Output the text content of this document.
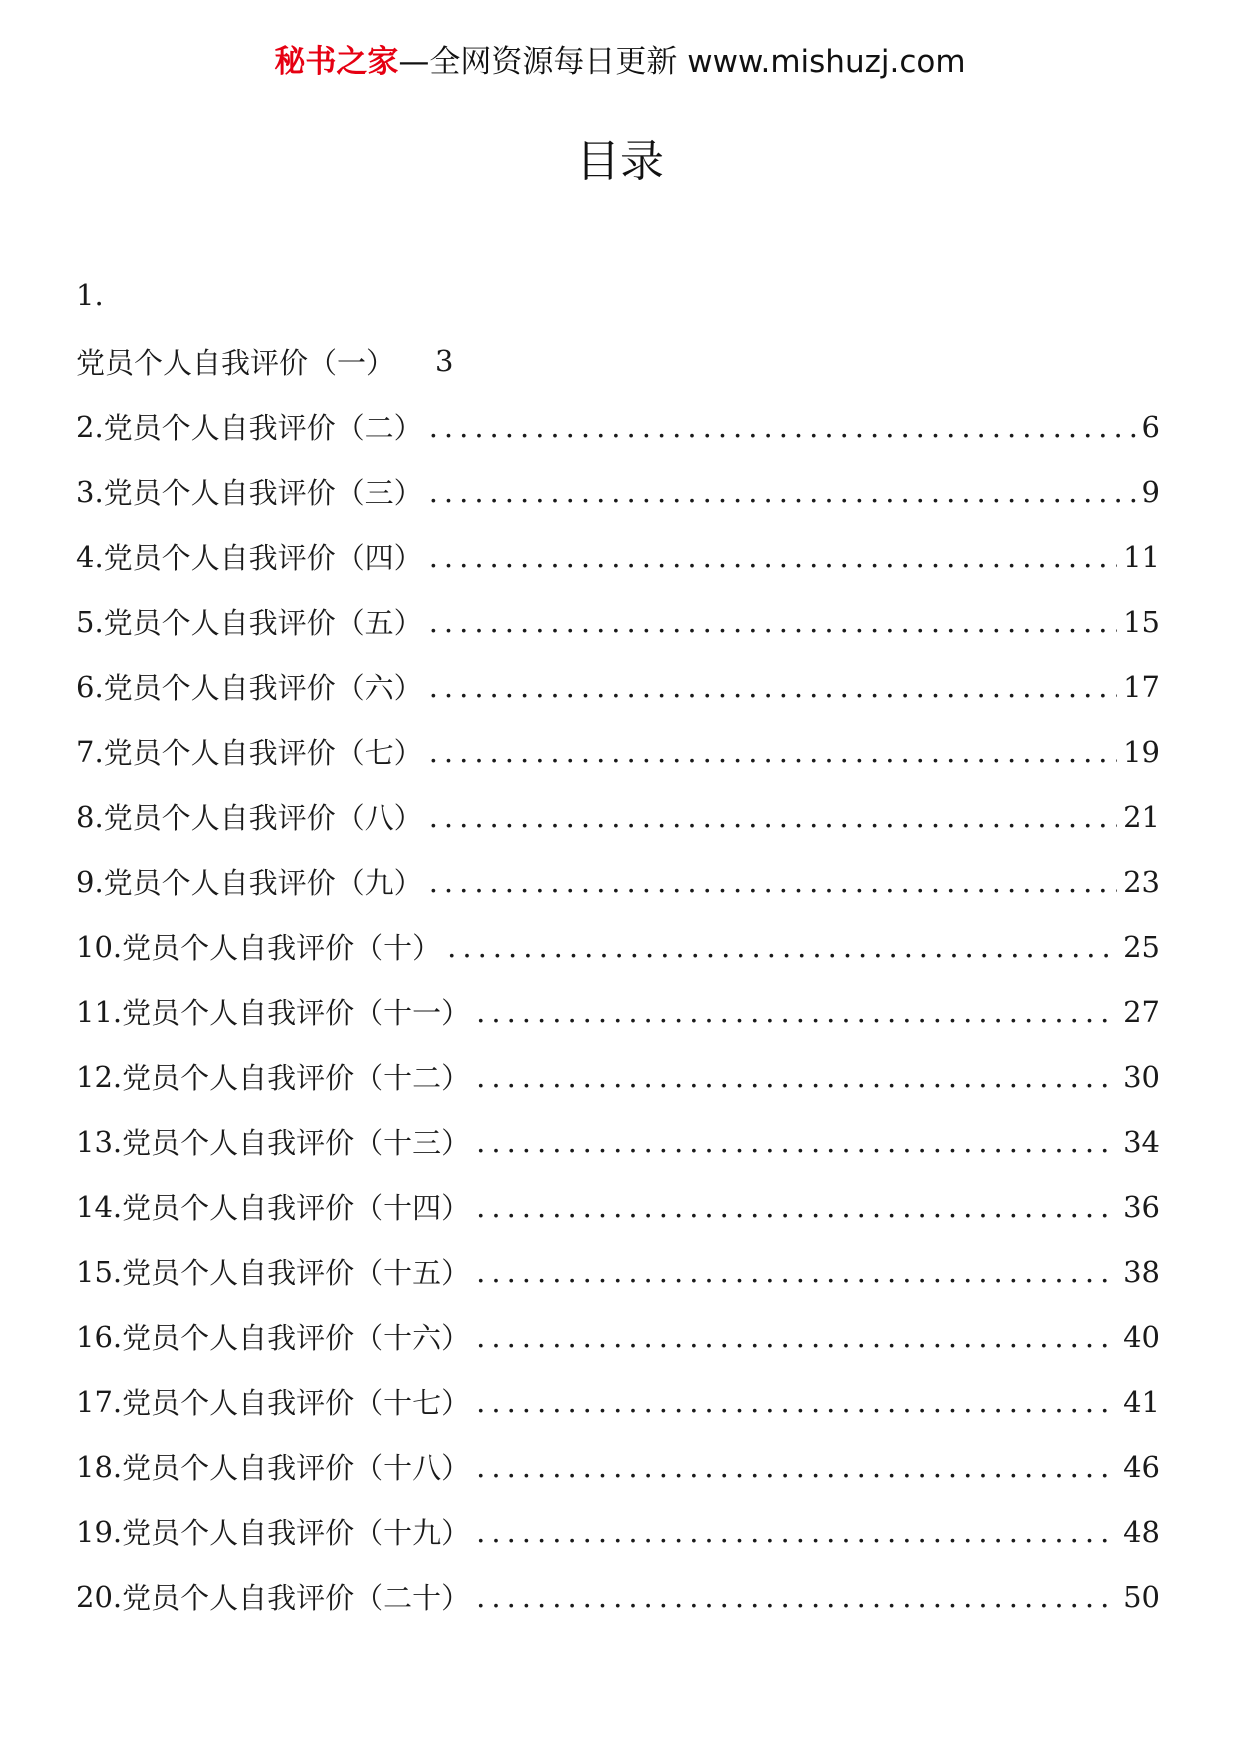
秘书之家—全网资源每日更新 www.mishuzj.com
目录
1.
党员个人自我评价（一） 3
2. 党员个人自我评价（二） .....	6
3. 党员个人自我评价（三） .....	9
4. 党员个人自我评价（四） .....	11
5. 党员个人自我评价（五） .....	15
6. 党员个人自我评价（六） .....	17
7. 党员个人自我评价（七） .....	19
8. 党员个人自我评价（八） .....	21
9. 党员个人自我评价（九） .....	23
10. 党员个人自我评价（十） .....	25
11. 党员个人自我评价（十一） .....	27
12. 党员个人自我评价（十二） .....	30
13. 党员个人自我评价（十三） .....	34
14. 党员个人自我评价（十四） .....	36
15. 党员个人自我评价（十五） .....	38
16. 党员个人自我评价（十六） .....	40
17. 党员个人自我评价（十七） .....	41
18. 党员个人自我评价（十八） .....	46
19. 党员个人自我评价（十九） .....	48
20. 党员个人自我评价（二十） .....	50
